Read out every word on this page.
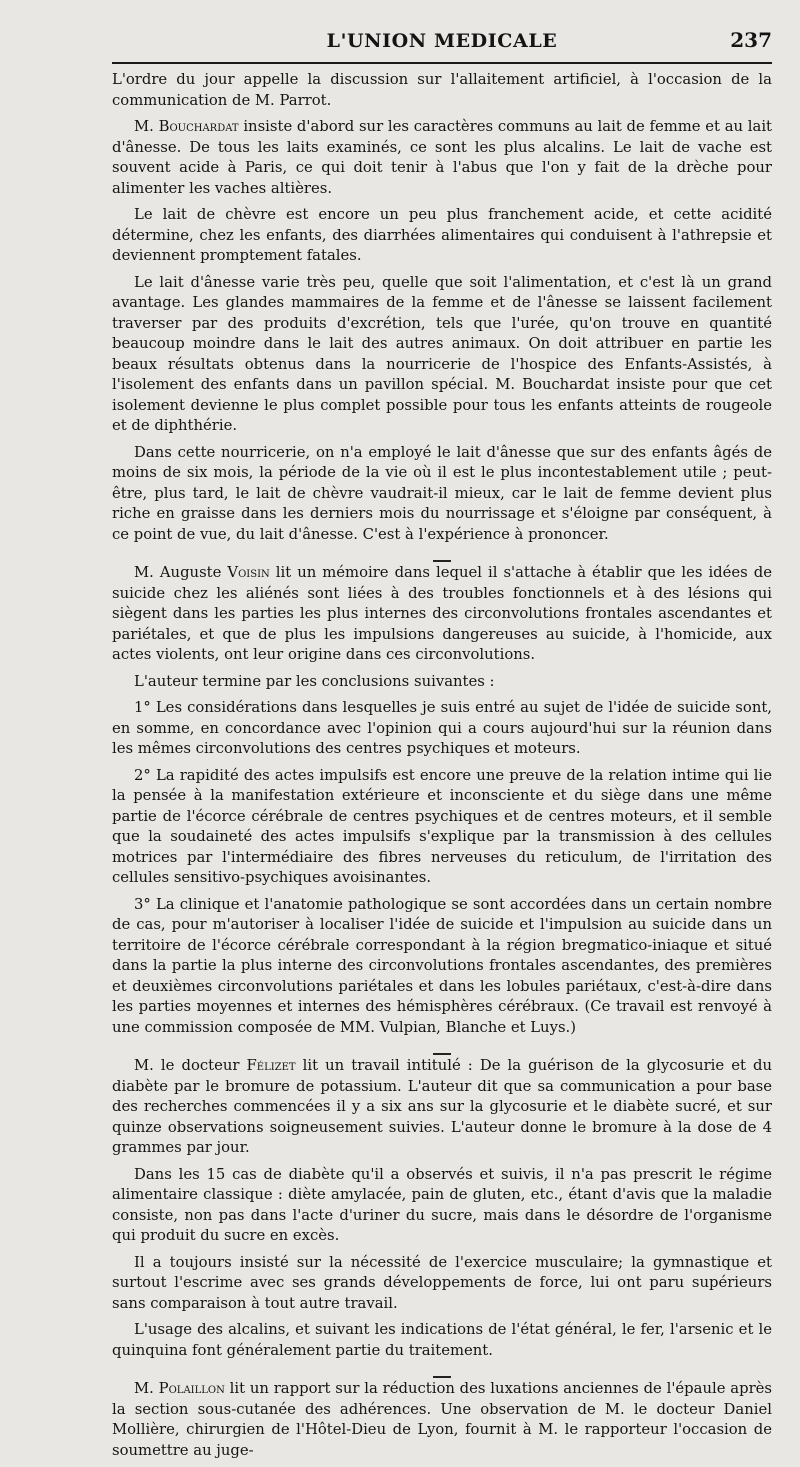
L'UNION MEDICALE	237

L'ordre du jour appelle la discussion sur l'allaitement artificiel, à l'occasion de la communication de M. Parrot.

M. Bouchardat insiste d'abord sur les caractères communs au lait de femme et au lait d'ânesse. De tous les laits examinés, ce sont les plus alcalins. Le lait de vache est souvent acide à Paris, ce qui doit tenir à l'abus que l'on y fait de la drèche pour alimenter les vaches altières.

Le lait de chèvre est encore un peu plus franchement acide, et cette acidité détermine, chez les enfants, des diarrhées alimentaires qui conduisent à l'athrepsie et deviennent promptement fatales.

Le lait d'ânesse varie très peu, quelle que soit l'alimentation, et c'est là un grand avantage. Les glandes mammaires de la femme et de l'ânesse se laissent facilement traverser par des produits d'excrétion, tels que l'urée, qu'on trouve en quantité beaucoup moindre dans le lait des autres animaux. On doit attribuer en partie les beaux résultats obtenus dans la nourricerie de l'hospice des Enfants-Assistés, à l'isolement des enfants dans un pavillon spécial. M. Bouchardat insiste pour que cet isolement devienne le plus complet possible pour tous les enfants atteints de rougeole et de diphthérie.

Dans cette nourricerie, on n'a employé le lait d'ânesse que sur des enfants âgés de moins de six mois, la période de la vie où il est le plus incontestablement utile ; peut-être, plus tard, le lait de chèvre vaudrait-il mieux, car le lait de femme devient plus riche en graisse dans les derniers mois du nourrissage et s'éloigne par conséquent, à ce point de vue, du lait d'ânesse. C'est à l'expérience à prononcer.

M. Auguste Voisin lit un mémoire dans lequel il s'attache à établir que les idées de suicide chez les aliénés sont liées à des troubles fonctionnels et à des lésions qui siègent dans les parties les plus internes des circonvolutions frontales ascendantes et pariétales, et que de plus les impulsions dangereuses au suicide, à l'homicide, aux actes violents, ont leur origine dans ces circonvolutions.

L'auteur termine par les conclusions suivantes :

1° Les considérations dans lesquelles je suis entré au sujet de l'idée de suicide sont, en somme, en concordance avec l'opinion qui a cours aujourd'hui sur la réunion dans les mêmes circonvolutions des centres psychiques et moteurs.

2° La rapidité des actes impulsifs est encore une preuve de la relation intime qui lie la pensée à la manifestation extérieure et inconsciente et du siège dans une même partie de l'écorce cérébrale de centres psychiques et de centres moteurs, et il semble que la soudaineté des actes impulsifs s'explique par la transmission à des cellules motrices par l'intermédiaire des fibres nerveuses du reticulum, de l'irritation des cellules sensitivo-psychiques avoisinantes.

3° La clinique et l'anatomie pathologique se sont accordées dans un certain nombre de cas, pour m'autoriser à localiser l'idée de suicide et l'impulsion au suicide dans un territoire de l'écorce cérébrale correspondant à la région bregmatico-iniaque et situé dans la partie la plus interne des circonvolutions frontales ascendantes, des premières et deuxièmes circonvolutions pariétales et dans les lobules pariétaux, c'est-à-dire dans les parties moyennes et internes des hémisphères cérébraux. (Ce travail est renvoyé à une commission composée de MM. Vulpian, Blanche et Luys.)

M. le docteur Félizet lit un travail intitulé : De la guérison de la glycosurie et du diabète par le bromure de potassium. L'auteur dit que sa communication a pour base des recherches commencées il y a six ans sur la glycosurie et le diabète sucré, et sur quinze observations soigneusement suivies. L'auteur donne le bromure à la dose de 4 grammes par jour.

Dans les 15 cas de diabète qu'il a observés et suivis, il n'a pas prescrit le régime alimentaire classique : diète amylacée, pain de gluten, etc., étant d'avis que la maladie consiste, non pas dans l'acte d'uriner du sucre, mais dans le désordre de l'organisme qui produit du sucre en excès.

Il a toujours insisté sur la nécessité de l'exercice musculaire; la gymnastique et surtout l'escrime avec ses grands développements de force, lui ont paru supérieurs sans comparaison à tout autre travail.

L'usage des alcalins, et suivant les indications de l'état général, le fer, l'arsenic et le quinquina font généralement partie du traitement.

M. Polaillon lit un rapport sur la réduction des luxations anciennes de l'épaule après la section sous-cutanée des adhérences. Une observation de M. le docteur Daniel Mollière, chirurgien de l'Hôtel-Dieu de Lyon, fournit à M. le rapporteur l'occasion de soumettre au juge-
